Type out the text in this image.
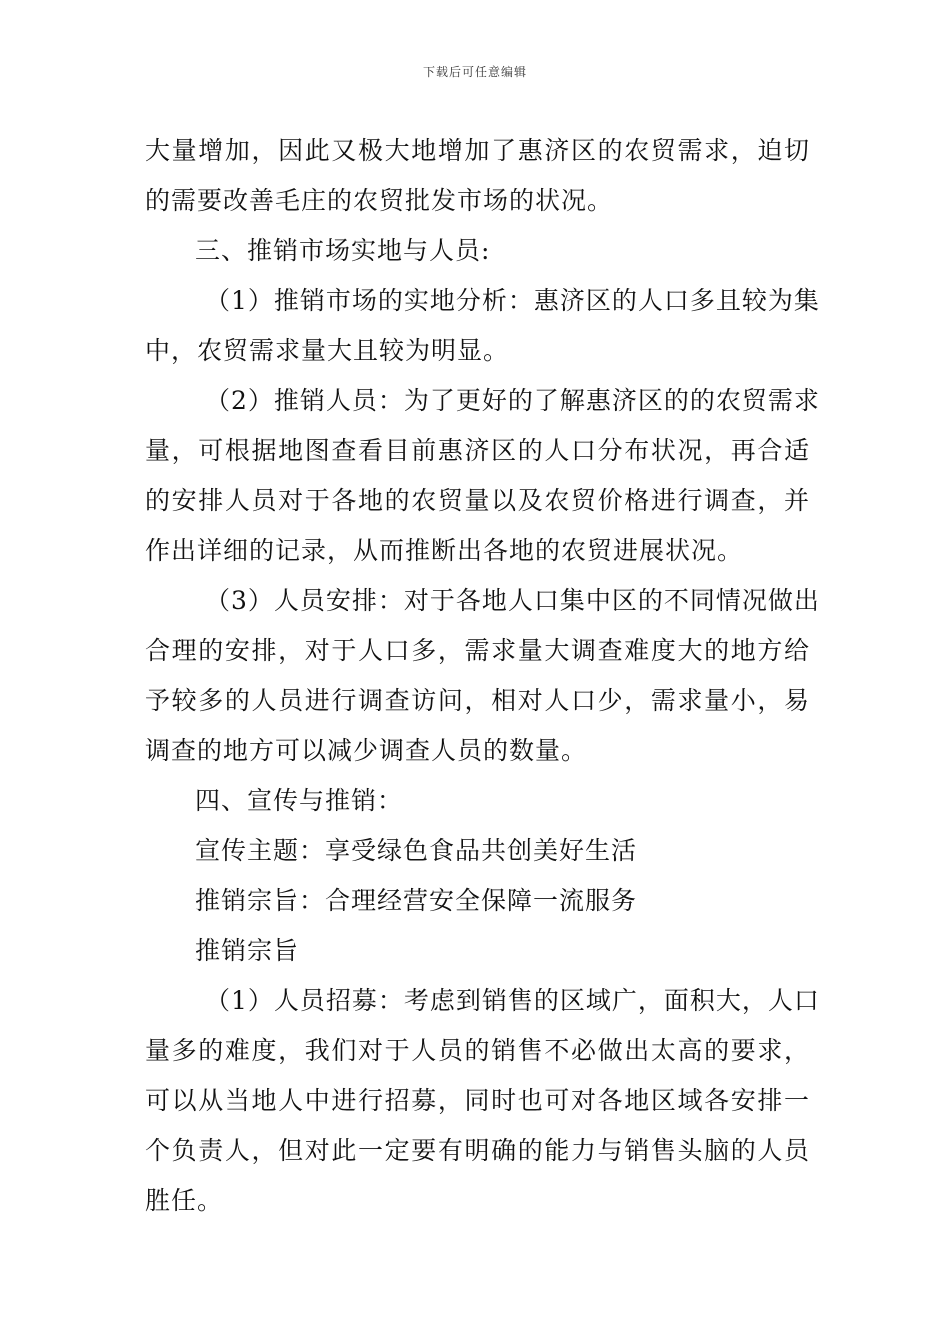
下载后可任意编辑
大量增加，因此又极大地增加了惠济区的农贸需求，迫切
的需要改善毛庄的农贸批发市场的状况。
三、推销市场实地与人员:
（1）推销市场的实地分析：惠济区的人口多且较为集
中，农贸需求量大且较为明显。
（2）推销人员：为了更好的了解惠济区的的农贸需求
量，可根据地图查看目前惠济区的人口分布状况，再合适
的安排人员对于各地的农贸量以及农贸价格进行调查，并
作出详细的记录，从而推断出各地的农贸进展状况。
（3）人员安排：对于各地人口集中区的不同情况做出
合理的安排，对于人口多，需求量大调查难度大的地方给
予较多的人员进行调查访问，相对人口少，需求量小，易
调查的地方可以减少调查人员的数量。
四、宣传与推销：
宣传主题：享受绿色食品共创美好生活
推销宗旨：合理经营安全保障一流服务
推销宗旨
（1）人员招募：考虑到销售的区域广，面积大，人口
量多的难度，我们对于人员的销售不必做出太高的要求，
可以从当地人中进行招募，同时也可对各地区域各安排一
个负责人，但对此一定要有明确的能力与销售头脑的人员
胜任。
